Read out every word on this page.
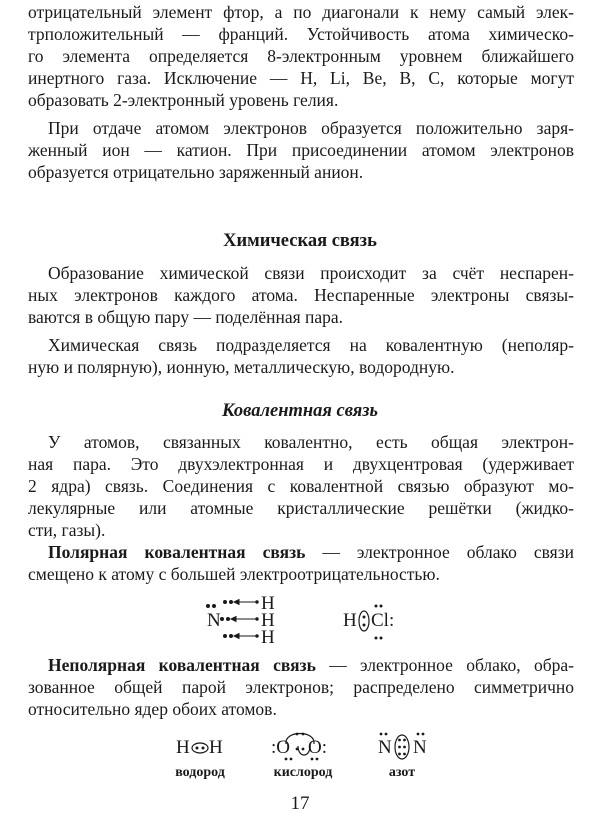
отрицательный элемент фтор, а по диагонали к нему самый элек-
трположительный — франций. Устойчивость атома химическо-
го элемента определяется 8-электронным уровнем ближайшего
инертного газа. Исключение — H, Li, Be, B, C, которые могут
образовать 2-электронный уровень гелия.
При отдаче атомом электронов образуется положительно заря-
женный ион — катион. При присоединении атомом электронов
образуется отрицательно заряженный анион.
Химическая связь
Образование химической связи происходит за счёт неспарен-
ных электронов каждого атома. Неспаренные электроны связы-
ваются в общую пару — поделённая пара.
Химическая связь подразделяется на ковалентную (неполяр-
ную и полярную), ионную, металлическую, водородную.
Ковалентная связь
У атомов, связанных ковалентно, есть общая электрон-
ная пара. Это двухэлектронная и двухцентровая (удерживает
2 ядра) связь. Соединения с ковалентной связью образуют мо-
лекулярные или атомные кристаллические решётки (жидко-
сти, газы).
Полярная ковалентная связь — электронное облако связи
смещено к атому с большей электроотрицательностью.
N
H
H
H
H Cl:
Неполярная ковалентная связь — электронное облако, обра-
зованное общей парой электронов; распределено симметрично
относительно ядер обоих атомов.
H H
водород
:O O:
кислород
N N
азот
17
